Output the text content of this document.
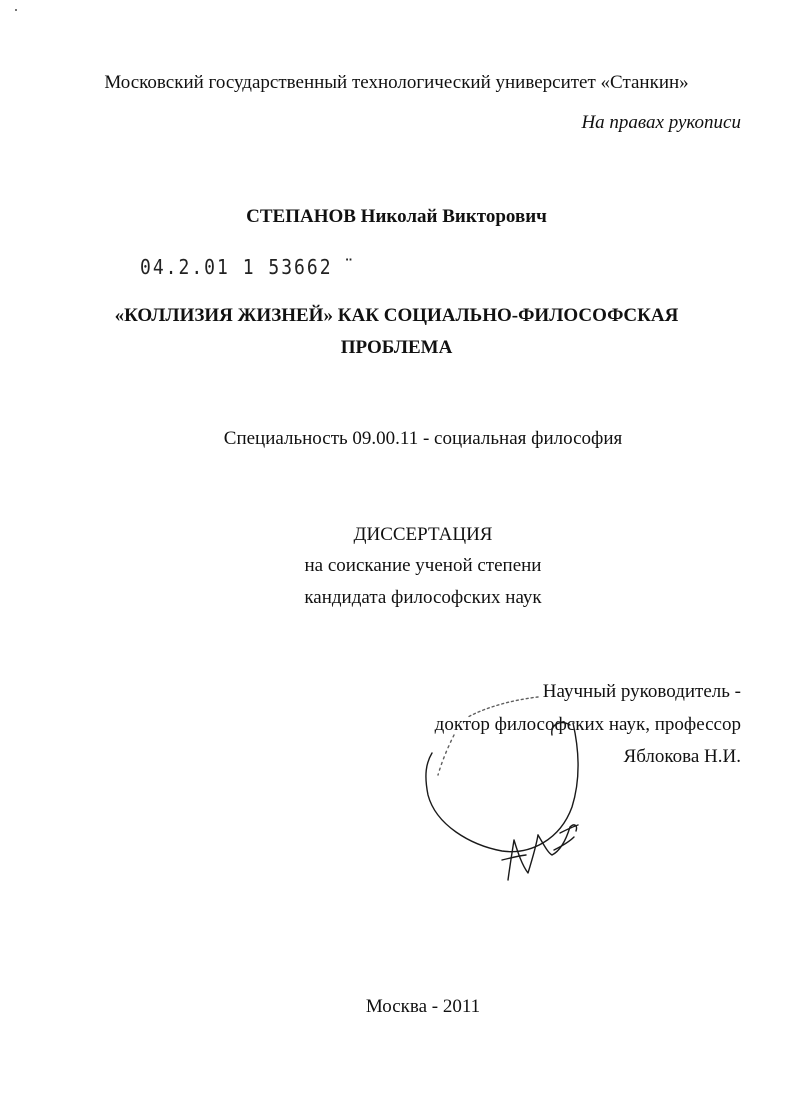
Московский государственный технологический университет «Станкин»
На правах рукописи
СТЕПАНОВ Николай Викторович
04.2.01 1 53662 ̈
«КОЛЛИЗИЯ ЖИЗНЕЙ» КАК СОЦИАЛЬНО-ФИЛОСОФСКАЯ
ПРОБЛЕМА
Специальность 09.00.11 - социальная философия
ДИССЕРТАЦИЯ
на соискание ученой степени
кандидата философских наук
Научный руководитель -
доктор философских наук, профессор
Яблокова Н.И.
Москва - 2011
